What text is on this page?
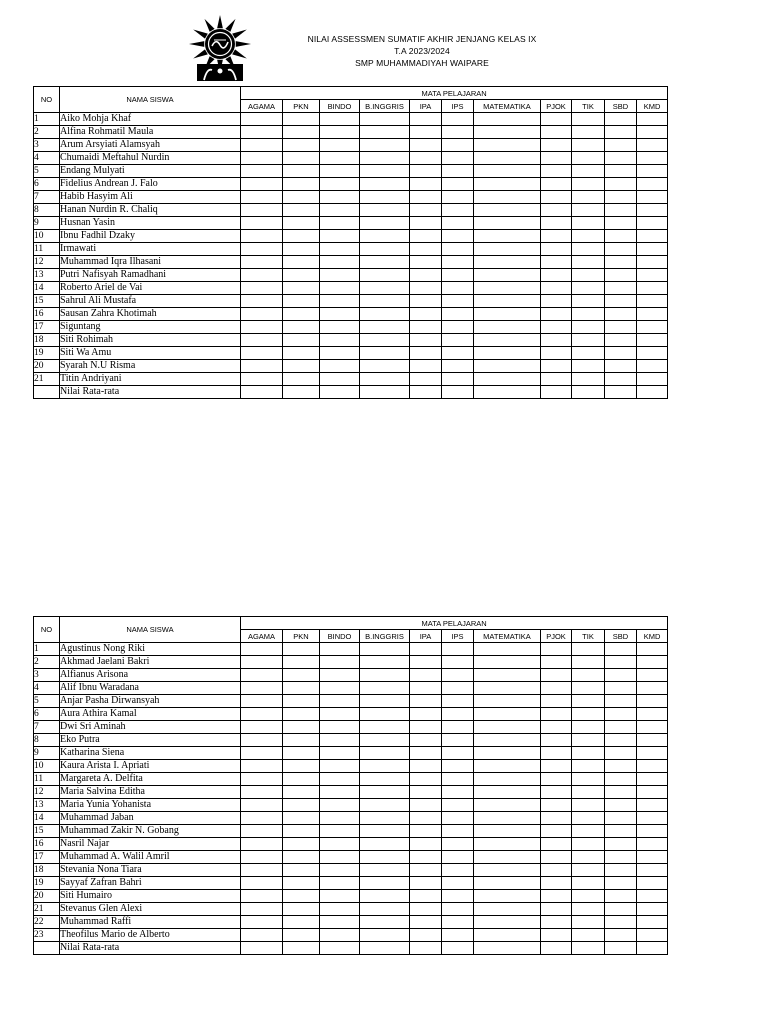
NILAI ASSESSMEN SUMATIF AKHIR JENJANG KELAS IX
T.A 2023/2024
SMP MUHAMMADIYAH WAIPARE
NO	NAMA SISWA	MATA PELAJARAN										
		AGAMA	PKN	BINDO	B.INGGRIS	IPA	IPS	MATEMATIKA	PJOK	TIK	SBD	KMD
1	Aiko Mohja Khaf											
2	Alfina Rohmatil Maula											
3	Arum Arsyiati Alamsyah											
4	Chumaidi Meftahul Nurdin											
5	Endang Mulyati											
6	Fidelius Andrean J. Falo											
7	Habib Hasyim Ali											
8	Hanan Nurdin R. Chaliq											
9	Husnan Yasin											
10	Ibnu Fadhil Dzaky											
11	Irmawati											
12	Muhammad Iqra Ilhasani											
13	Putri Nafisyah Ramadhani											
14	Roberto Ariel de Vai											
15	Sahrul Ali Mustafa											
16	Sausan Zahra Khotimah											
17	Siguntang											
18	Siti Rohimah											
19	Siti Wa Amu											
20	Syarah N.U Risma											
21	Titin Andriyani											
	Nilai Rata-rata											
NO	NAMA SISWA	MATA PELAJARAN										
		AGAMA	PKN	BINDO	B.INGGRIS	IPA	IPS	MATEMATIKA	PJOK	TIK	SBD	KMD
1	Agustinus Nong Riki											
2	Akhmad Jaelani Bakri											
3	Alfianus Arisona											
4	Alif Ibnu Waradana											
5	Anjar Pasha Dirwansyah											
6	Aura Athira Kamal											
7	Dwi Sri Aminah											
8	Eko Putra											
9	Katharina Siena											
10	Kaura Arista I. Apriati											
11	Margareta A. Delfita											
12	Maria Salvina Editha											
13	Maria Yunia Yohanista											
14	Muhammad Jaban											
15	Muhammad Zakir N. Gobang											
16	Nasril Najar											
17	Muhammad A. Walil Amril											
18	Stevania Nona Tiara											
19	Sayyaf Zafran Bahri											
20	Siti Humairo											
21	Stevanus Glen Alexi											
22	Muhammad Raffi											
23	Theofilus Mario de Alberto											
	Nilai Rata-rata											
